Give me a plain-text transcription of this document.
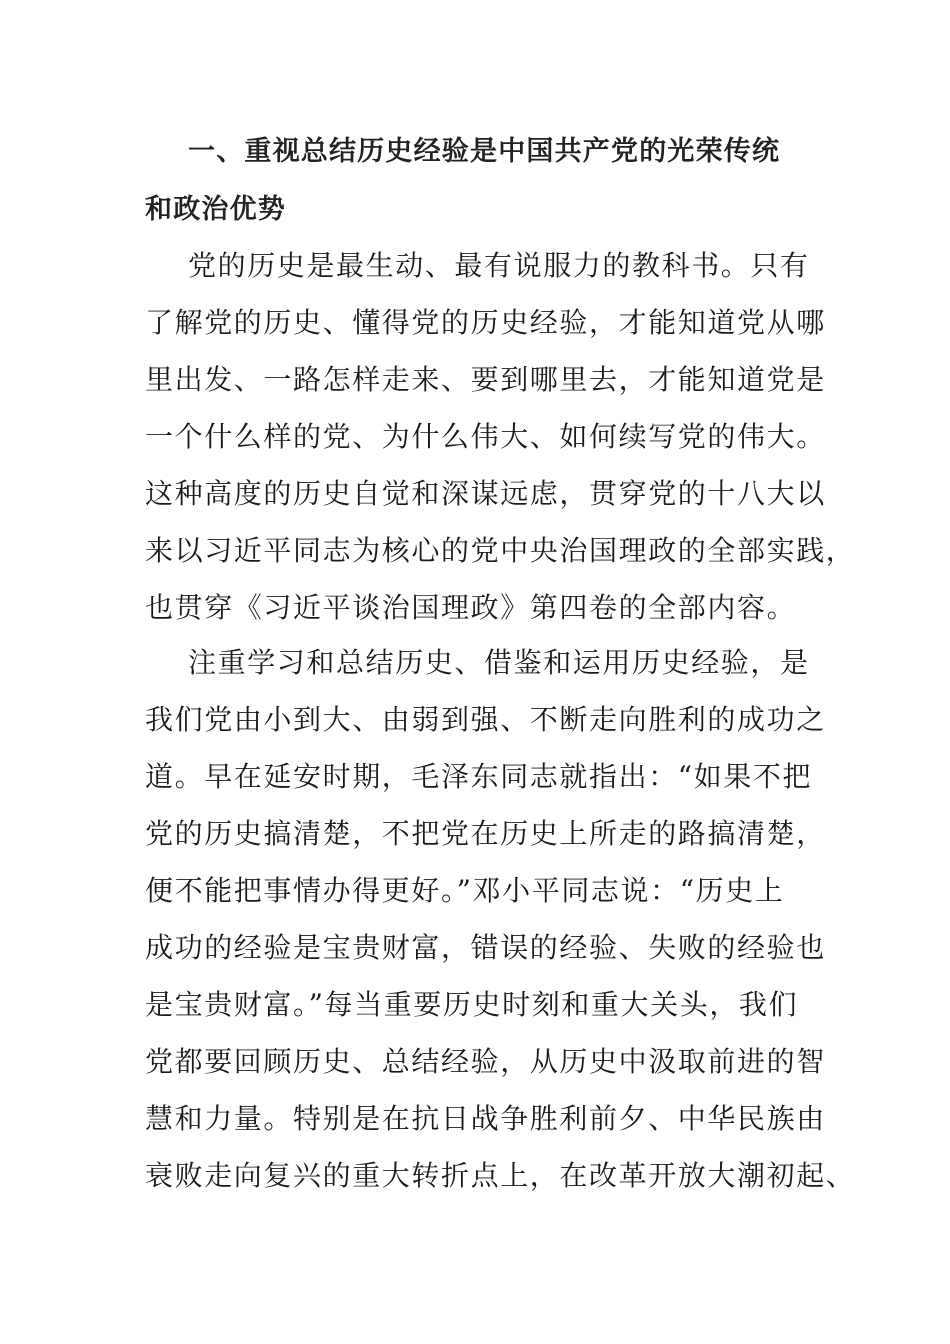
一、重视总结历史经验是中国共产党的光荣传统
和政治优势
党的历史是最生动、最有说服力的教科书。只有
了解党的历史、懂得党的历史经验，才能知道党从哪
里出发、一路怎样走来、要到哪里去，才能知道党是
一个什么样的党、为什么伟大、如何续写党的伟大。
这种高度的历史自觉和深谋远虑，贯穿党的十八大以
来以习近平同志为核心的党中央治国理政的全部实践，
也贯穿《习近平谈治国理政》第四卷的全部内容。
注重学习和总结历史、借鉴和运用历史经验，是
我们党由小到大、由弱到强、不断走向胜利的成功之
道。早在延安时期，毛泽东同志就指出：“如果不把
党的历史搞清楚，不把党在历史上所走的路搞清楚，
便不能把事情办得更好。”邓小平同志说：“历史上
成功的经验是宝贵财富，错误的经验、失败的经验也
是宝贵财富。”每当重要历史时刻和重大关头，我们
党都要回顾历史、总结经验，从历史中汲取前进的智
慧和力量。特别是在抗日战争胜利前夕、中华民族由
衰败走向复兴的重大转折点上，在改革开放大潮初起、
